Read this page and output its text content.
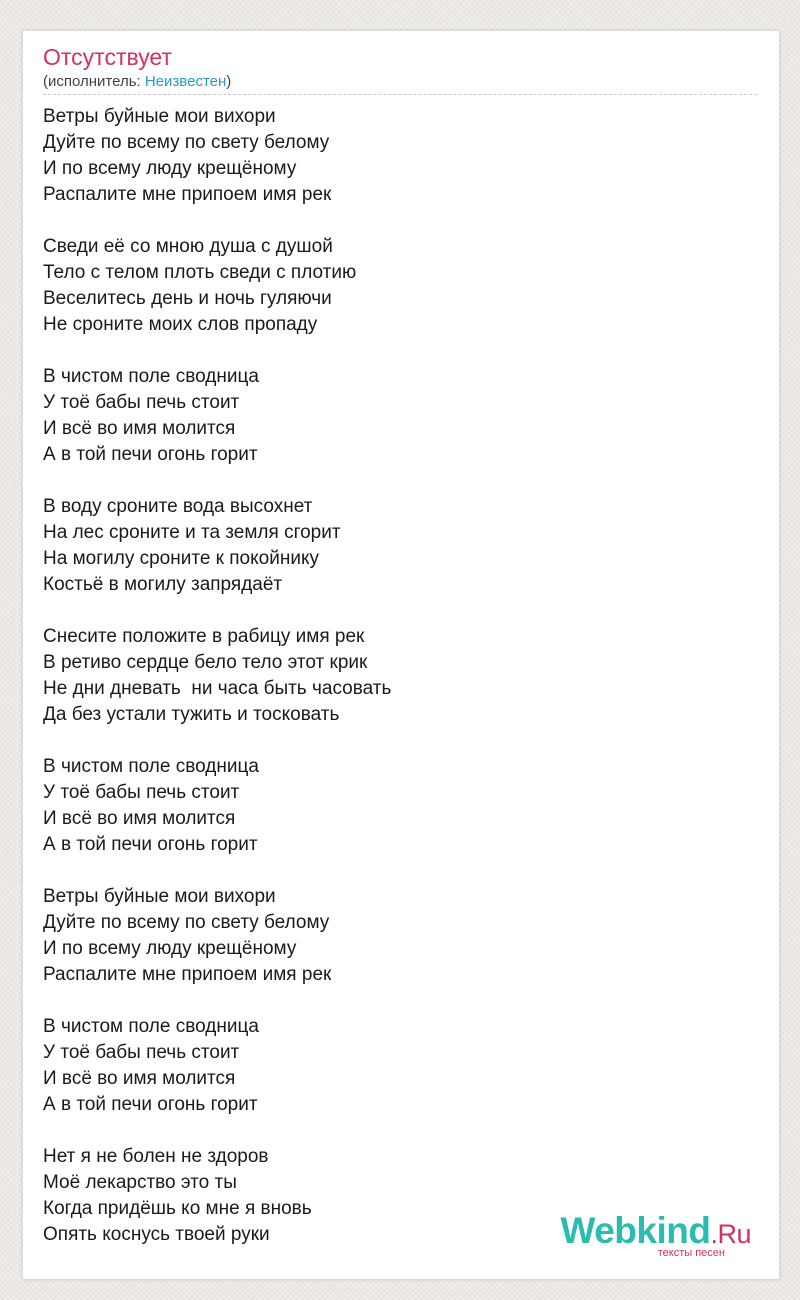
Отсутствует
(исполнитель: Неизвестен)
Ветры буйные мои вихори
Дуйте по всему по свету белому
И по всему люду крещёному
Распалите мне припоем имя рек
Сведи её со мною душа с душой
Тело с телом плоть сведи с плотию
Веселитесь день и ночь гуляючи
Не сроните моих слов пропаду
В чистом поле сводница
У тоё бабы печь стоит
И всё во имя молится
А в той печи огонь горит
В воду сроните вода высохнет
На лес сроните и та земля сгорит
На могилу сроните к покойнику
Костьё в могилу запрядаёт
Снесите положите в рабицу имя рек
В ретиво сердце бело тело этот крик
Не дни дневать  ни часа быть часовать
Да без устали тужить и тосковать
В чистом поле сводница
У тоё бабы печь стоит
И всё во имя молится
А в той печи огонь горит
Ветры буйные мои вихори
Дуйте по всему по свету белому
И по всему люду крещёному
Распалите мне припоем имя рек
В чистом поле сводница
У тоё бабы печь стоит
И всё во имя молится
А в той печи огонь горит
Нет я не болен не здоров
Моё лекарство это ты
Когда придёшь ко мне я вновь
Опять коснусь твоей руки	Webkind.Ru
тексты песен
